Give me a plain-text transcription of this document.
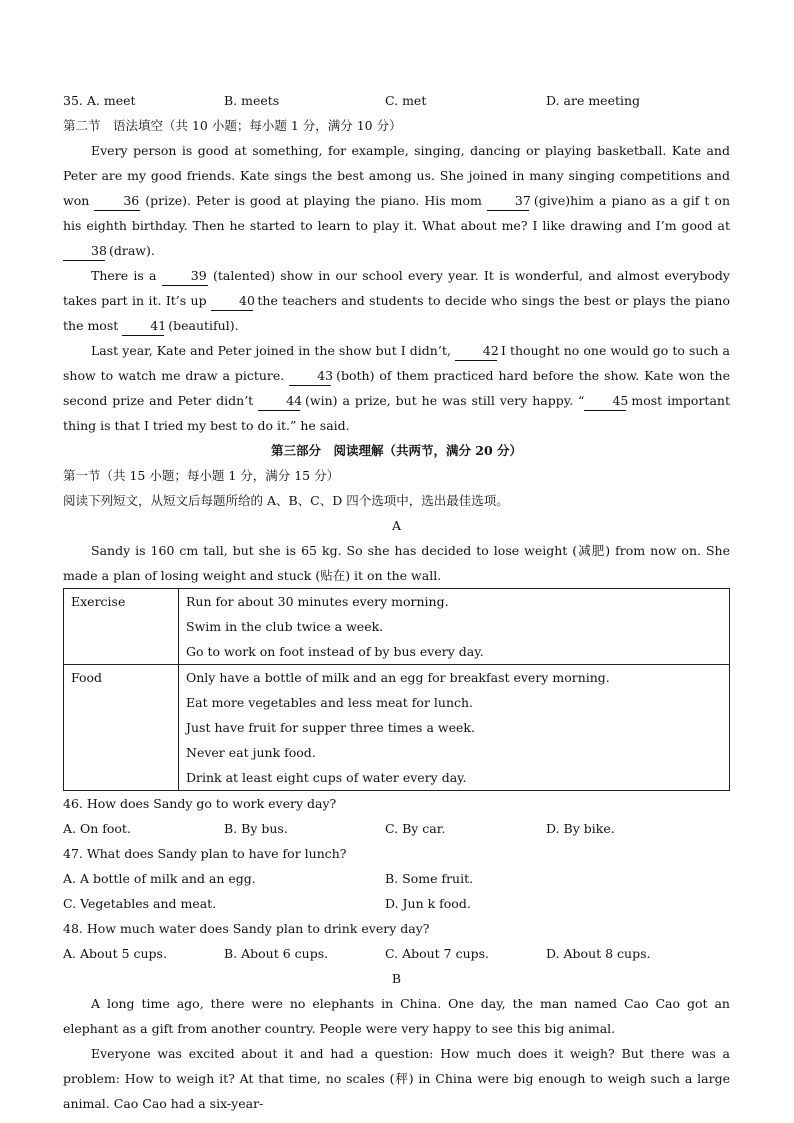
35. A. meet	B. meets	C. met	D. are meeting
第二节　语法填空（共 10 小题；每小题 1 分，满分 10 分）
Every person is good at something, for example, singing, dancing or playing basketball. Kate and Peter are my good friends. Kate sings the best among us. She joined in many singing competitions and won 36 (prize). Peter is good at playing the piano. His mom 37 (give)him a piano as a gif t on his eighth birthday. Then he started to learn to play it. What about me? I like drawing and I’m good at 38 (draw).
There is a 39 (talented) show in our school every year. It is wonderful, and almost everybody takes part in it. It’s up 40 the teachers and students to decide who sings the best or plays the piano the most 41 (beautiful).
Last year, Kate and Peter joined in the show but I didn’t, 42 I thought no one would go to such a show to watch me draw a picture. 43 (both) of them practiced hard before the show. Kate won the second prize and Peter didn’t 44 (win) a prize, but he was still very happy. “ 45 most important thing is that I tried my best to do it.” he said.
第三部分　阅读理解（共两节，满分 20 分）
第一节（共 15 小题；每小题 1 分，满分 15 分）
阅读下列短文，从短文后每题所给的 A、B、C、D 四个选项中，选出最佳选项。
A
Sandy is 160 cm tall, but she is 65 kg. So she has decided to lose weight (减肥) from now on. She made a plan of losing weight and stuck (贴在) it on the wall.
Exercise	Run for about 30 minutes every morning.
Swim in the club twice a week.
Go to work on foot instead of by bus every day.

Food	Only have a bottle of milk and an egg for breakfast every morning.
Eat more vegetables and less meat for lunch.
Just have fruit for supper three times a week.
Never eat junk food.
Drink at least eight cups of water every day.
46. How does Sandy go to work every day?
A. On foot.	B. By bus.	C. By car.	D. By bike.
47. What does Sandy plan to have for lunch?
A. A bottle of milk and an egg.	B. Some fruit.
C. Vegetables and meat.	D. Jun k food.
48. How much water does Sandy plan to drink every day?
A. About 5 cups.	B. About 6 cups.	C. About 7 cups.	D. About 8 cups.
B
A long time ago, there were no elephants in China. One day, the man named Cao Cao got an elephant as a gift from another country. People were very happy to see this big animal.
Everyone was excited about it and had a question: How much does it weigh? But there was a problem: How to weigh it? At that time, no scales (秤) in China were big enough to weigh such a large animal. Cao Cao had a six-year-
